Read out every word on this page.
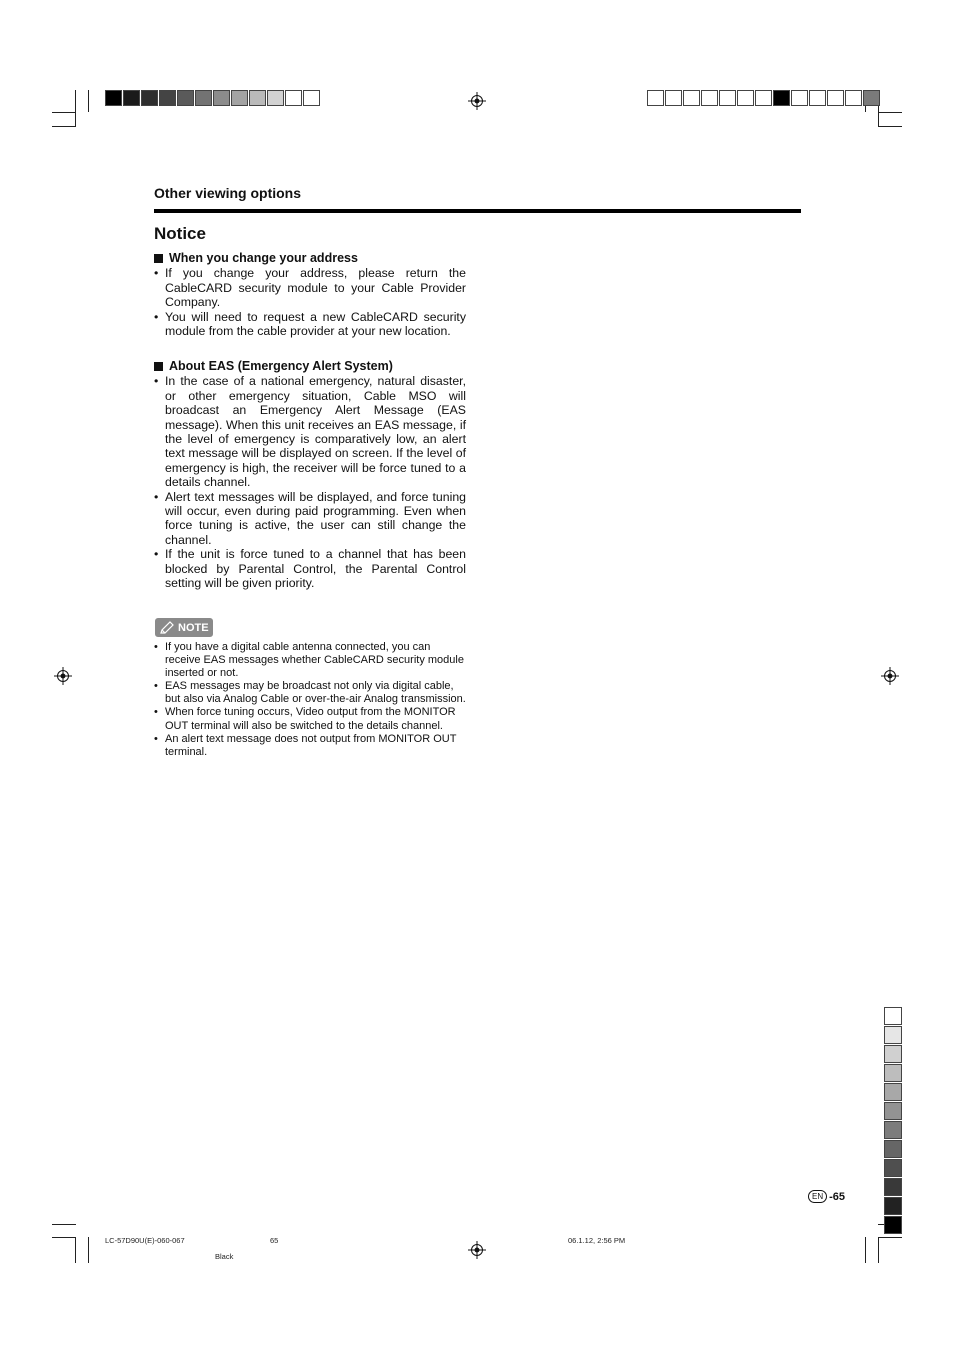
Other viewing options
Notice
When you change your address
• If you change your address, please return the CableCARD security module to your Cable Provider Company.
• You will need to request a new CableCARD security module from the cable provider at your new location.
About EAS (Emergency Alert System)
• In the case of a national emergency, natural disaster, or other emergency situation, Cable MSO will broadcast an Emergency Alert Message (EAS message). When this unit receives an EAS message, if the level of emergency is comparatively low, an alert text message will be displayed on screen. If the level of emergency is high, the receiver will be force tuned to a details channel.
• Alert text messages will be displayed, and force tuning will occur, even during paid programming. Even when force tuning is active, the user can still change the channel.
• If the unit is force tuned to a channel that has been blocked by Parental Control, the Parental Control setting will be given priority.
NOTE
• If you have a digital cable antenna connected, you can receive EAS messages whether CableCARD security module inserted or not.
• EAS messages may be broadcast not only via digital cable, but also via Analog Cable or over-the-air Analog transmission.
• When force tuning occurs, Video output from the MONITOR OUT terminal will also be switched to the details channel.
• An alert text message does not output from MONITOR OUT terminal.
EN -65
LC-57D90U(E)-060-067	65	06.1.12, 2:56 PM
Black
